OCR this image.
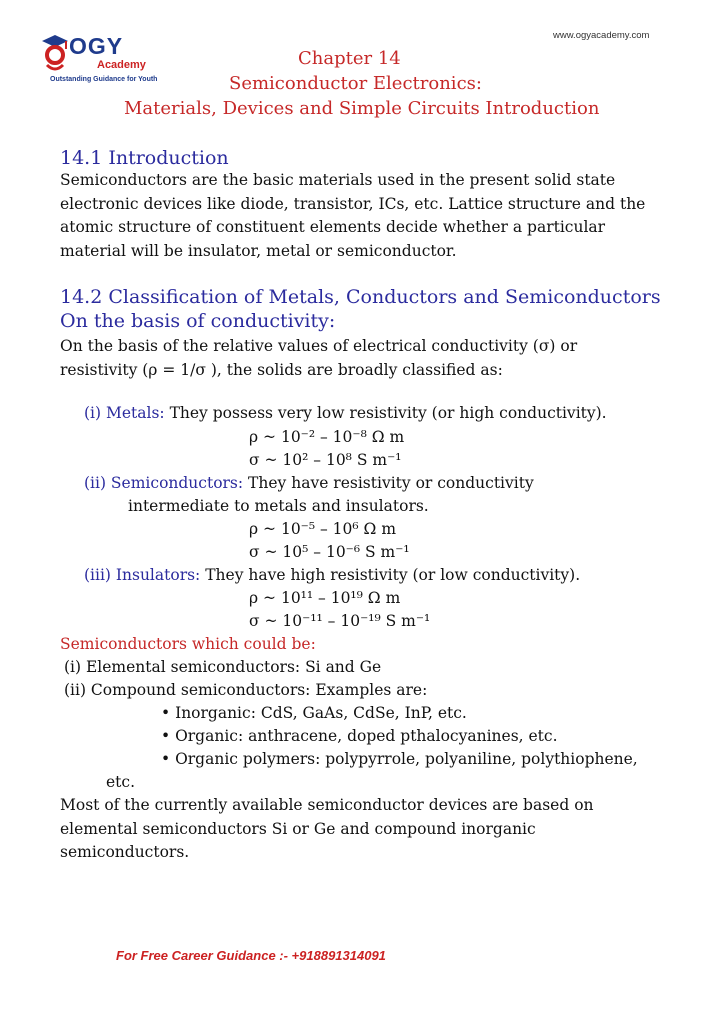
www.ogyacademy.com
OGY
Academy
Outstanding Guidance for Youth
Chapter 14
Semiconductor Electronics:
Materials, Devices and Simple Circuits Introduction
14.1 Introduction
Semiconductors are the basic materials used in the present solid state
electronic devices like diode, transistor, ICs, etc. Lattice structure and the
atomic structure of constituent elements decide whether a particular
material will be insulator, metal or semiconductor.
14.2 Classification of Metals, Conductors and Semiconductors
On the basis of conductivity:
On the basis of the relative values of electrical conductivity (σ) or
resistivity (ρ = 1/σ ), the solids are broadly classified as:
(i) Metals: They possess very low resistivity (or high conductivity).
ρ ~ 10⁻² – 10⁻⁸ Ω m
σ ~ 10² – 10⁸ S m⁻¹
(ii) Semiconductors: They have resistivity or conductivity
intermediate to metals and insulators.
ρ ~ 10⁻⁵ – 10⁶ Ω m
σ ~ 10⁵ – 10⁻⁶ S m⁻¹
(iii) Insulators: They have high resistivity (or low conductivity).
ρ ~ 10¹¹ – 10¹⁹ Ω m
σ ~ 10⁻¹¹ – 10⁻¹⁹ S m⁻¹
Semiconductors which could be:
(i) Elemental semiconductors: Si and Ge
(ii) Compound semiconductors: Examples are:
• Inorganic: CdS, GaAs, CdSe, InP, etc.
• Organic: anthracene, doped pthalocyanines, etc.
• Organic polymers: polypyrrole, polyaniline, polythiophene,
etc.
Most of the currently available semiconductor devices are based on
elemental semiconductors Si or Ge and compound inorganic
semiconductors.
For Free Career Guidance :- +918891314091
